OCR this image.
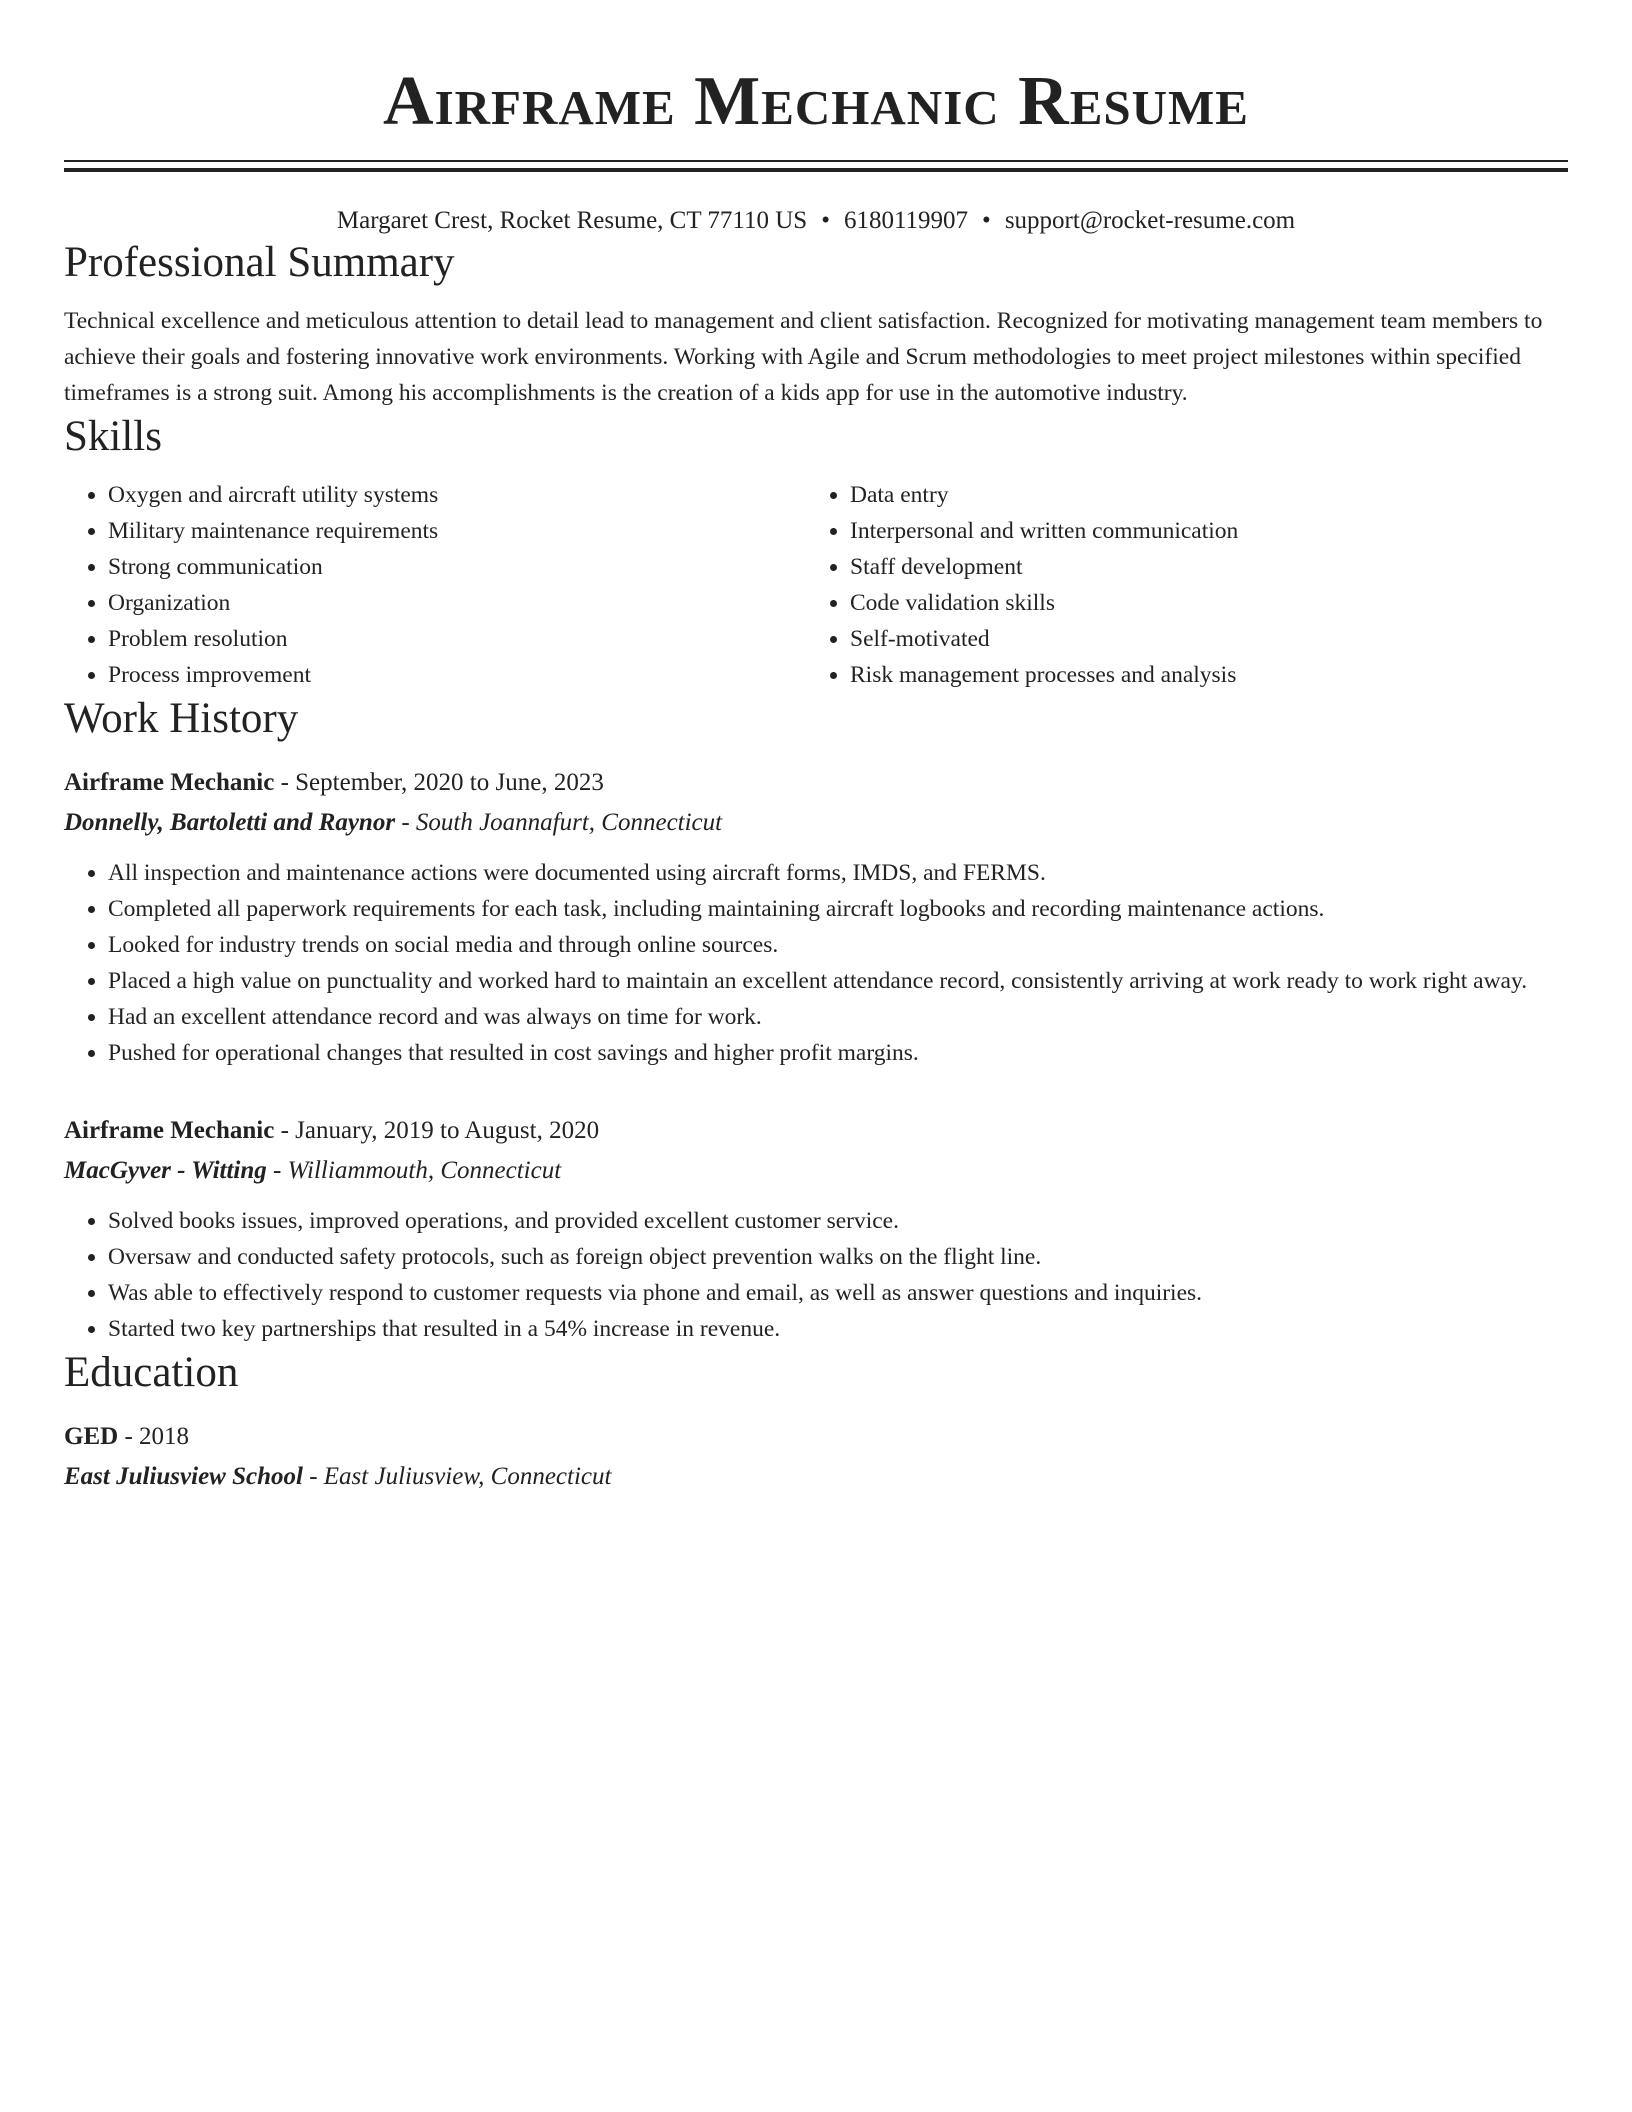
Airframe Mechanic Resume
Margaret Crest, Rocket Resume, CT 77110 US • 6180119907 • support@rocket-resume.com
Professional Summary

Technical excellence and meticulous attention to detail lead to management and client satisfaction. Recognized for motivating management team members to achieve their goals and fostering innovative work environments. Working with Agile and Scrum methodologies to meet project milestones within specified timeframes is a strong suit. Among his accomplishments is the creation of a kids app for use in the automotive industry.

Skills
• Oxygen and aircraft utility systems
• Military maintenance requirements
• Strong communication
• Organization
• Problem resolution
• Process improvement
• Data entry
• Interpersonal and written communication
• Staff development
• Code validation skills
• Self-motivated
• Risk management processes and analysis
Work History
Airframe Mechanic - September, 2020 to June, 2023
Donnelly, Bartoletti and Raynor - South Joannafurt, Connecticut
• All inspection and maintenance actions were documented using aircraft forms, IMDS, and FERMS.
• Completed all paperwork requirements for each task, including maintaining aircraft logbooks and recording maintenance actions.
• Looked for industry trends on social media and through online sources.
• Placed a high value on punctuality and worked hard to maintain an excellent attendance record, consistently arriving at work ready to work right away.
• Had an excellent attendance record and was always on time for work.
• Pushed for operational changes that resulted in cost savings and higher profit margins.
Airframe Mechanic - January, 2019 to August, 2020
MacGyver - Witting - Williammouth, Connecticut
• Solved books issues, improved operations, and provided excellent customer service.
• Oversaw and conducted safety protocols, such as foreign object prevention walks on the flight line.
• Was able to effectively respond to customer requests via phone and email, as well as answer questions and inquiries.
• Started two key partnerships that resulted in a 54% increase in revenue.
Education
GED - 2018
East Juliusview School - East Juliusview, Connecticut
